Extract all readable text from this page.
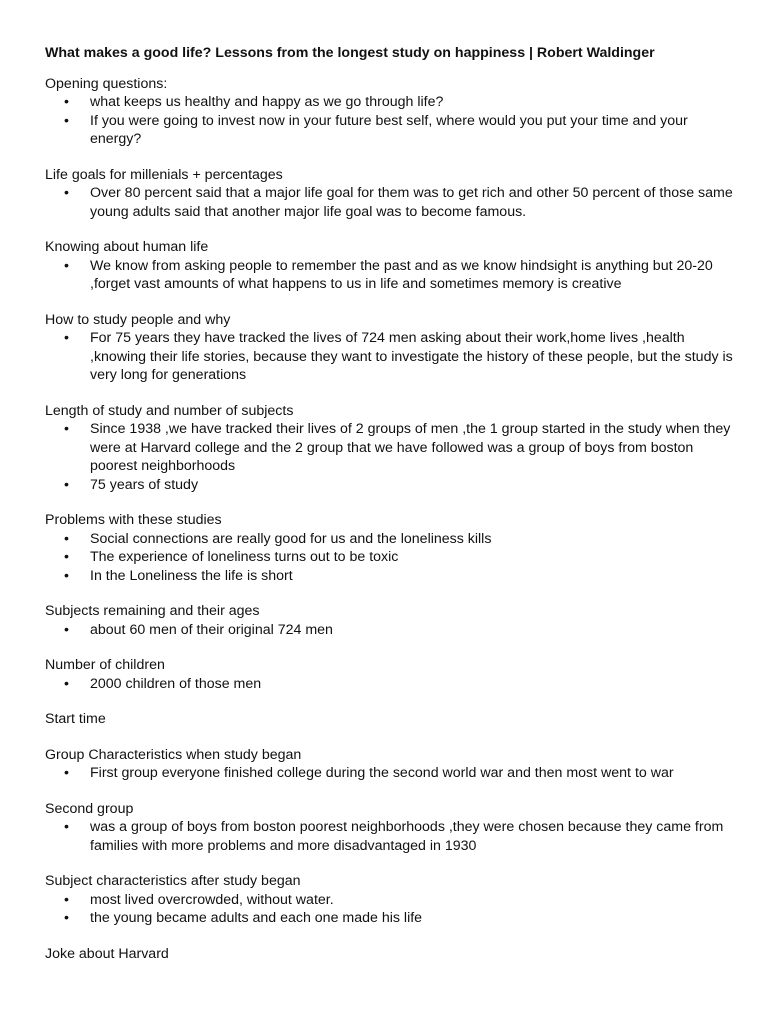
What makes a good life? Lessons from the longest study on happiness | Robert Waldinger
Opening questions:
• what keeps us healthy and happy as we go through life?
• If you were going to invest now in your future best self, where would you put your time and your energy?
Life goals for millenials + percentages
• Over 80 percent said that a major life goal for them was to get rich and other 50 percent of those same young adults said that another major life goal was to become famous.
Knowing about human life
• We know from asking people to remember the past and as we know hindsight is anything but 20-20 ,forget vast amounts of what happens to us in life and sometimes memory is creative
How to study people and why
• For 75 years they have tracked the lives of 724 men asking about their work,home lives ,health ,knowing their life stories, because they want to investigate the history of these people, but the study is very long for generations
Length of study and number of subjects
• Since 1938 ,we have tracked their lives of 2 groups of men ,the 1 group started in the study when they were at Harvard college and the 2 group that we have followed was a group of boys from boston poorest neighborhoods
• 75 years of study
Problems with these studies
• Social connections are really good for us and the loneliness kills
• The experience of loneliness turns out to be toxic
• In the Loneliness the life is short
Subjects remaining and their ages
• about 60 men of their original 724 men
Number of children
• 2000 children of those men
Start time
Group Characteristics when study began
• First group everyone finished college during the second world war and then most went to war
Second group
• was a group of boys from boston poorest neighborhoods ,they were chosen because they came from families with more problems and more disadvantaged in 1930
Subject characteristics after study began
• most lived overcrowded, without water.
• the young became adults and each one made his life
Joke about Harvard
